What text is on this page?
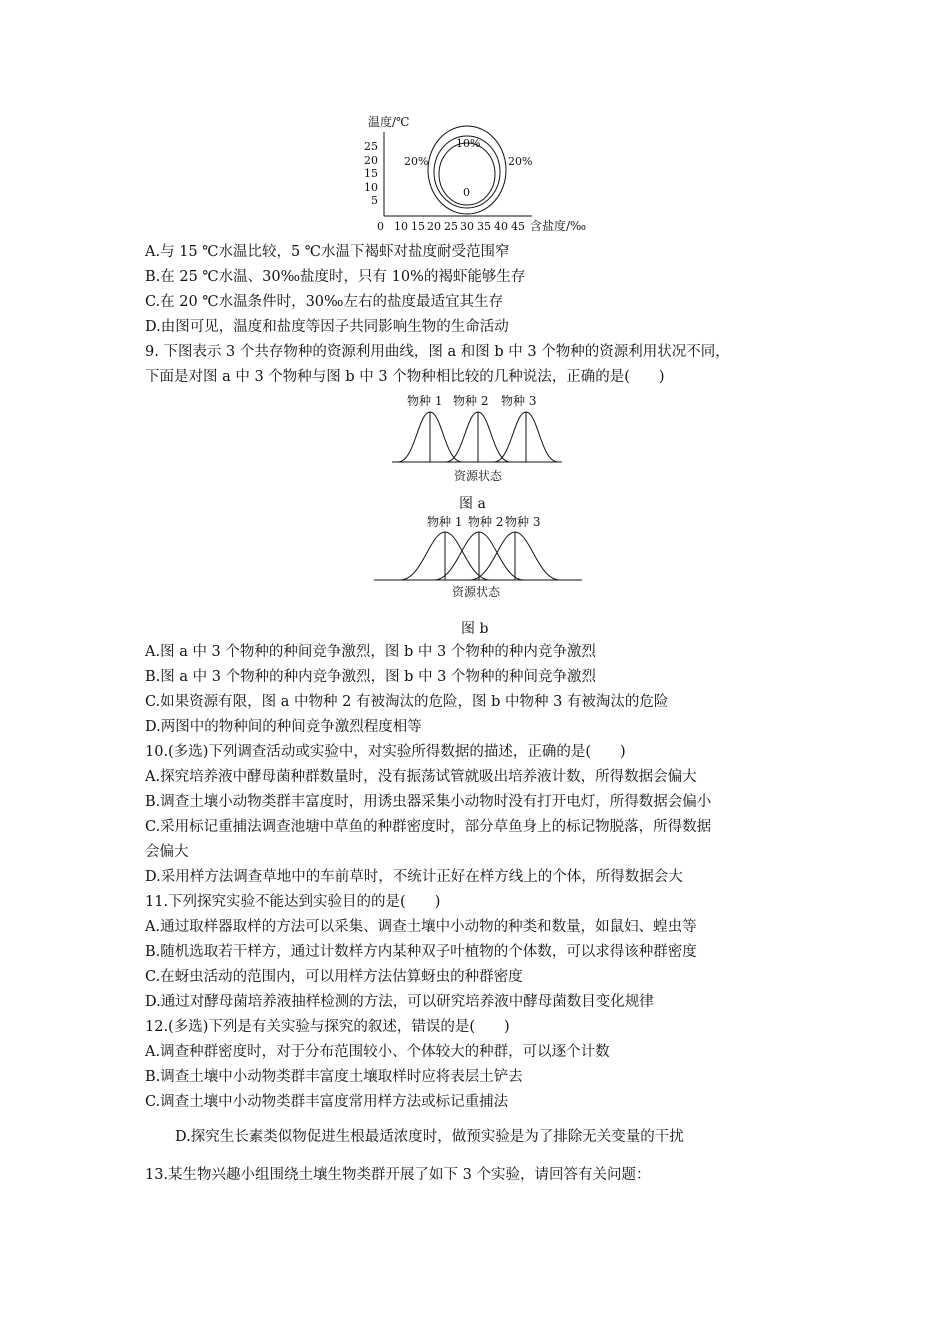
温度/℃
25
20
15
10
5
0 10 15 20 25 30 35 40 45 含盐度/‰
10%
20%	20%
0
A.与 15 ℃水温比较，5 ℃水温下褐虾对盐度耐受范围窄
B.在 25 ℃水温、30‰盐度时，只有 10%的褐虾能够生存
C.在 20 ℃水温条件时，30‰左右的盐度最适宜其生存
D.由图可见，温度和盐度等因子共同影响生物的生命活动
9. 下图表示 3 个共存物种的资源利用曲线，图 a 和图 b 中 3 个物种的资源利用状况不同，
下面是对图 a 中 3 个物种与图 b 中 3 个物种相比较的几种说法，正确的是(　　)
物种 1 物种 2 物种 3
资源状态
图 a
物种 1 物种 2 物种 3
资源状态
图 b
A.图 a 中 3 个物种的种间竞争激烈，图 b 中 3 个物种的种内竞争激烈
B.图 a 中 3 个物种的种内竞争激烈，图 b 中 3 个物种的种间竞争激烈
C.如果资源有限，图 a 中物种 2 有被淘汰的危险，图 b 中物种 3 有被淘汰的危险
D.两图中的物种间的种间竞争激烈程度相等
10.(多选)下列调查活动或实验中，对实验所得数据的描述，正确的是(　　)
A.探究培养液中酵母菌种群数量时，没有振荡试管就吸出培养液计数，所得数据会偏大
B.调查土壤小动物类群丰富度时，用诱虫器采集小动物时没有打开电灯，所得数据会偏小
C.采用标记重捕法调查池塘中草鱼的种群密度时，部分草鱼身上的标记物脱落，所得数据
会偏大
D.采用样方法调查草地中的车前草时，不统计正好在样方线上的个体，所得数据会大
11.下列探究实验不能达到实验目的的是(　　)
A.通过取样器取样的方法可以采集、调查土壤中小动物的种类和数量，如鼠妇、蝗虫等
B.随机选取若干样方，通过计数样方内某种双子叶植物的个体数，可以求得该种群密度
C.在蚜虫活动的范围内，可以用样方法估算蚜虫的种群密度
D.通过对酵母菌培养液抽样检测的方法，可以研究培养液中酵母菌数目变化规律
12.(多选)下列是有关实验与探究的叙述，错误的是(　　)
A.调查种群密度时，对于分布范围较小、个体较大的种群，可以逐个计数
B.调查土壤中小动物类群丰富度土壤取样时应将表层土铲去
C.调查土壤中小动物类群丰富度常用样方法或标记重捕法
D.探究生长素类似物促进生根最适浓度时，做预实验是为了排除无关变量的干扰
13.某生物兴趣小组围绕土壤生物类群开展了如下 3 个实验，请回答有关问题：
